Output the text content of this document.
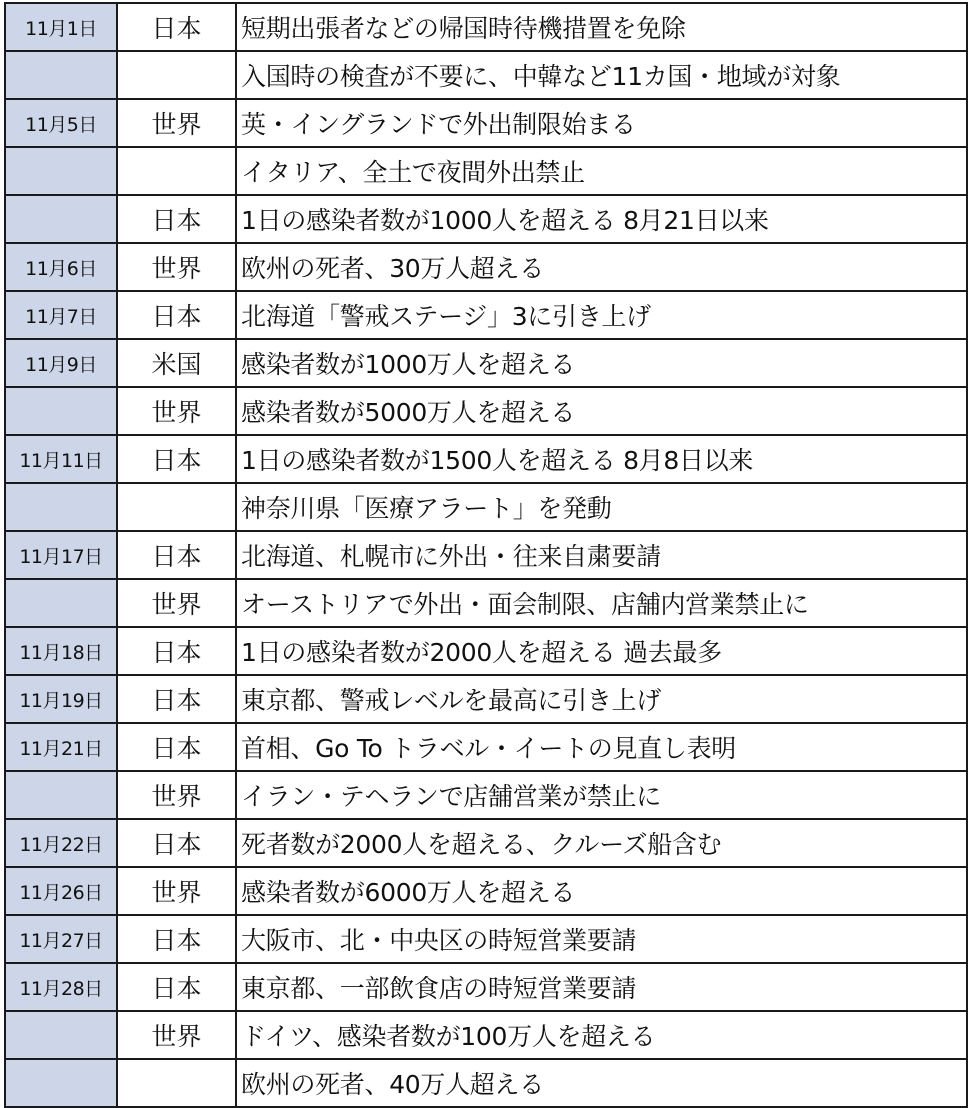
11月1日	日本	短期出張者などの帰国時待機措置を免除
		入国時の検査が不要に、中韓など11カ国・地域が対象
11月5日	世界	英・イングランドで外出制限始まる
		イタリア、全土で夜間外出禁止
	日本	1日の感染者数が1000人を超える 8月21日以来
11月6日	世界	欧州の死者、30万人超える
11月7日	日本	北海道「警戒ステージ」3に引き上げ
11月9日	米国	感染者数が1000万人を超える
	世界	感染者数が5000万人を超える
11月11日	日本	1日の感染者数が1500人を超える 8月8日以来
		神奈川県「医療アラート」を発動
11月17日	日本	北海道、札幌市に外出・往来自粛要請
	世界	オーストリアで外出・面会制限、店舗内営業禁止に
11月18日	日本	1日の感染者数が2000人を超える 過去最多
11月19日	日本	東京都、警戒レベルを最高に引き上げ
11月21日	日本	首相、Go To トラベル・イートの見直し表明
	世界	イラン・テヘランで店舗営業が禁止に
11月22日	日本	死者数が2000人を超える、クルーズ船含む
11月26日	世界	感染者数が6000万人を超える
11月27日	日本	大阪市、北・中央区の時短営業要請
11月28日	日本	東京都、一部飲食店の時短営業要請
	世界	ドイツ、感染者数が100万人を超える
		欧州の死者、40万人超える
